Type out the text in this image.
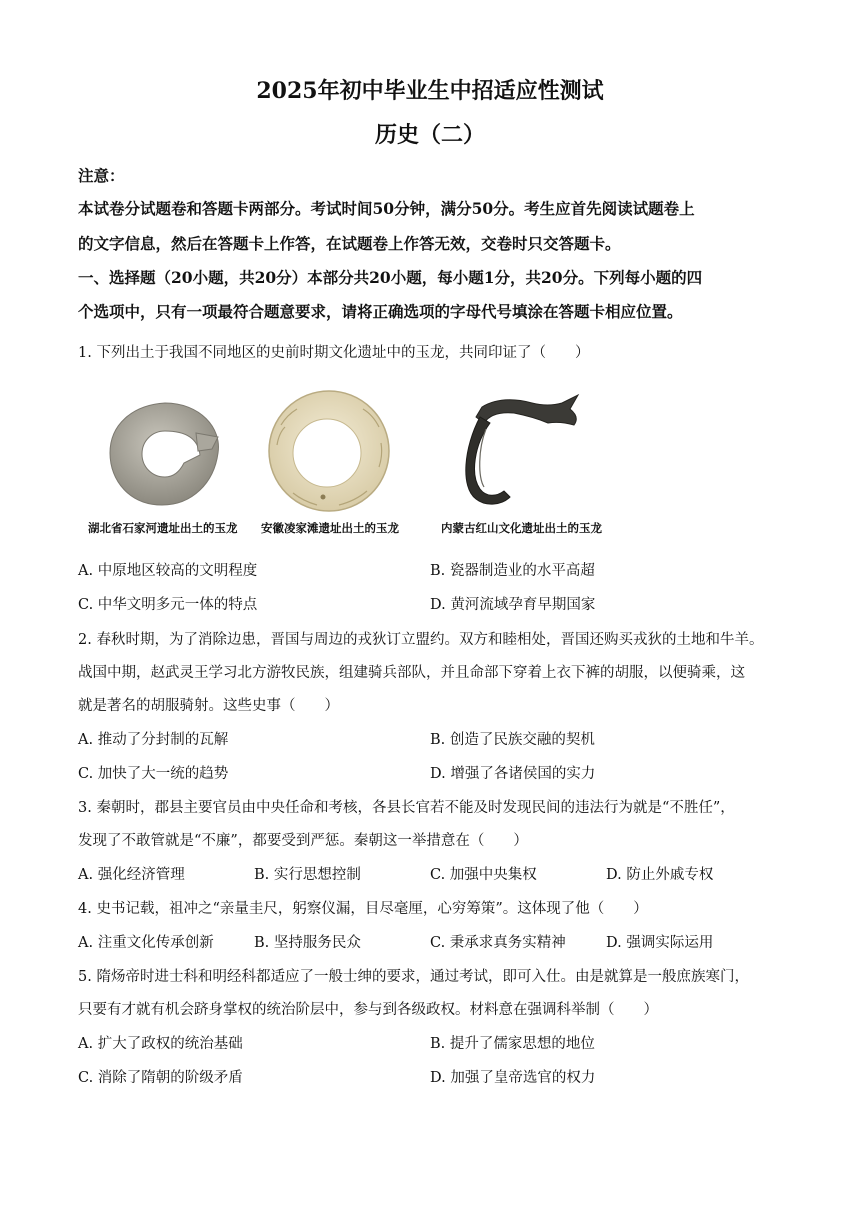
2025年初中毕业生中招适应性测试
历史（二）
注意：
本试卷分试题卷和答题卡两部分。考试时间50分钟，满分50分。考生应首先阅读试题卷上
的文字信息，然后在答题卡上作答，在试题卷上作答无效，交卷时只交答题卡。
一、选择题（20小题，共20分）本部分共20小题，每小题1分，共20分。下列每小题的四
个选项中，只有一项最符合题意要求，请将正确选项的字母代号填涂在答题卡相应位置。
1. 下列出土于我国不同地区的史前时期文化遗址中的玉龙，共同印证了（　　）
湖北省石家河遗址出土的玉龙 安徽凌家滩遗址出土的玉龙	内蒙古红山文化遗址出土的玉龙
A. 中原地区较高的文明程度	B. 瓷器制造业的水平高超
C. 中华文明多元一体的特点	D. 黄河流域孕育早期国家
2. 春秋时期，为了消除边患，晋国与周边的戎狄订立盟约。双方和睦相处，晋国还购买戎狄的土地和牛羊。
战国中期，赵武灵王学习北方游牧民族，组建骑兵部队，并且命部下穿着上衣下裤的胡服，以便骑乘，这
就是著名的胡服骑射。这些史事（　　）
A. 推动了分封制的瓦解	B. 创造了民族交融的契机
C. 加快了大一统的趋势	D. 增强了各诸侯国的实力
3. 秦朝时，郡县主要官员由中央任命和考核，各县长官若不能及时发现民间的违法行为就是“不胜任”，
发现了不敢管就是“不廉”，都要受到严惩。秦朝这一举措意在（　　）
A. 强化经济管理	B. 实行思想控制	C. 加强中央集权	D. 防止外戚专权
4. 史书记载，祖冲之“亲量圭尺，躬察仪漏，目尽毫厘，心穷筹策”。这体现了他（　　）
A. 注重文化传承创新	B. 坚持服务民众	C. 秉承求真务实精神	D. 强调实际运用
5. 隋炀帝时进士科和明经科都适应了一般士绅的要求，通过考试，即可入仕。由是就算是一般庶族寒门，
只要有才就有机会跻身掌权的统治阶层中，参与到各级政权。材料意在强调科举制（　　）
A. 扩大了政权的统治基础	B. 提升了儒家思想的地位
C. 消除了隋朝的阶级矛盾	D. 加强了皇帝选官的权力
